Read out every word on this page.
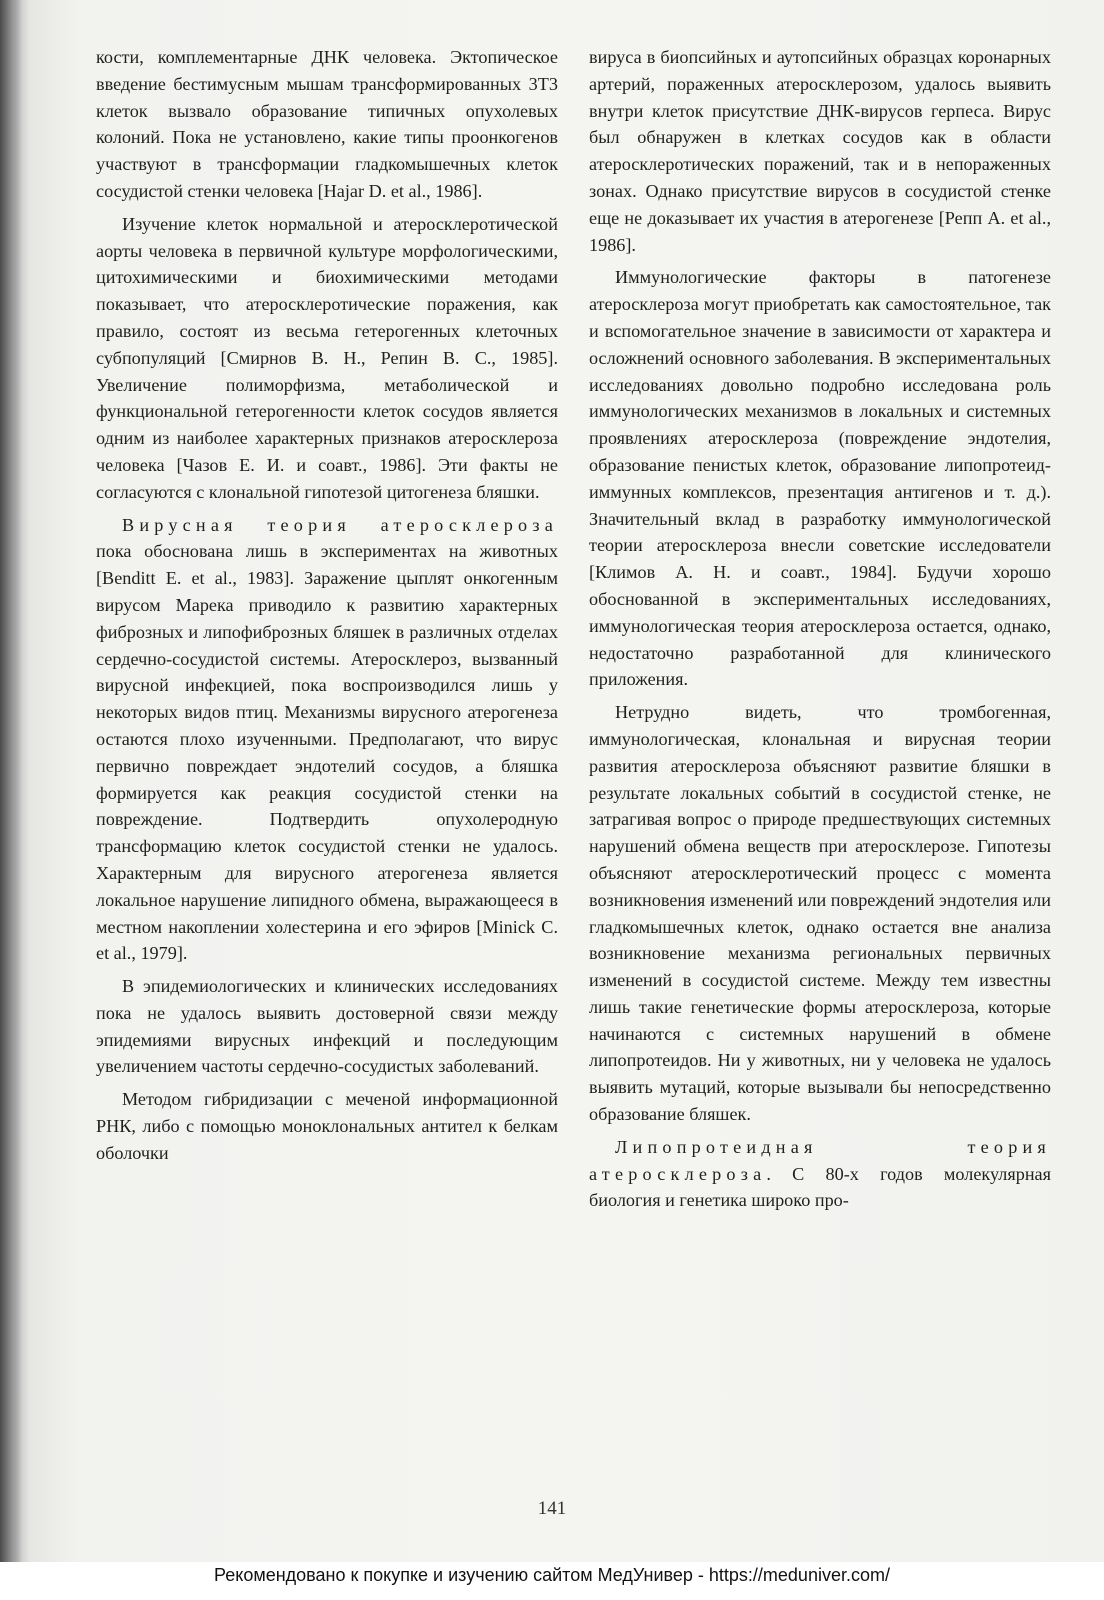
кости, комплементарные ДНК человека. Эктопическое введение бестимусным мышам трансформированных 3Т3 клеток вызвало образование типичных опухолевых колоний. Пока не установлено, какие типы проонкогенов участвуют в трансформации гладкомышечных клеток сосудистой стенки человека [Hajar D. et al., 1986].

Изучение клеток нормальной и атеросклеротической аорты человека в первичной культуре морфологическими, цитохимическими и биохимическими методами показывает, что атеросклеротические поражения, как правило, состоят из весьма гетерогенных клеточных субпопуляций [Смирнов В. Н., Репин В. С., 1985]. Увеличение полиморфизма, метаболической и функциональной гетерогенности клеток сосудов является одним из наиболее характерных признаков атеросклероза человека [Чазов Е. И. и соавт., 1986]. Эти факты не согласуются с клональной гипотезой цитогенеза бляшки.

Вирусная теория атеросклероза пока обоснована лишь в экспериментах на животных [Benditt E. et al., 1983]. Заражение цыплят онкогенным вирусом Марека приводило к развитию характерных фиброзных и липофиброзных бляшек в различных отделах сердечно-сосудистой системы. Атеросклероз, вызванный вирусной инфекцией, пока воспроизводился лишь у некоторых видов птиц. Механизмы вирусного атерогенеза остаются плохо изученными. Предполагают, что вирус первично повреждает эндотелий сосудов, а бляшка формируется как реакция сосудистой стенки на повреждение. Подтвердить опухолеродную трансформацию клеток сосудистой стенки не удалось. Характерным для вирусного атерогенеза является локальное нарушение липидного обмена, выражающееся в местном накоплении холестерина и его эфиров [Minick C. et al., 1979].

В эпидемиологических и клинических исследованиях пока не удалось выявить достоверной связи между эпидемиями вирусных инфекций и последующим увеличением частоты сердечно-сосудистых заболеваний.

Методом гибридизации с меченой информационной РНК, либо с помощью моноклональных антител к белкам оболочки

вируса в биопсийных и аутопсийных образцах коронарных артерий, пораженных атеросклерозом, удалось выявить внутри клеток присутствие ДНК-вирусов герпеса. Вирус был обнаружен в клетках сосудов как в области атеросклеротических поражений, так и в непораженных зонах. Однако присутствие вирусов в сосудистой стенке еще не доказывает их участия в атерогенезе [Репп А. et al., 1986].

Иммунологические факторы в патогенезе атеросклероза могут приобретать как самостоятельное, так и вспомогательное значение в зависимости от характера и осложнений основного заболевания. В экспериментальных исследованиях довольно подробно исследована роль иммунологических механизмов в локальных и системных проявлениях атеросклероза (повреждение эндотелия, образование пенистых клеток, образование липопротеид-иммунных комплексов, презентация антигенов и т. д.). Значительный вклад в разработку иммунологической теории атеросклероза внесли советские исследователи [Климов А. Н. и соавт., 1984]. Будучи хорошо обоснованной в экспериментальных исследованиях, иммунологическая теория атеросклероза остается, однако, недостаточно разработанной для клинического приложения.

Нетрудно видеть, что тромбогенная, иммунологическая, клональная и вирусная теории развития атеросклероза объясняют развитие бляшки в результате локальных событий в сосудистой стенке, не затрагивая вопрос о природе предшествующих системных нарушений обмена веществ при атеросклерозе. Гипотезы объясняют атеросклеротический процесс с момента возникновения изменений или повреждений эндотелия или гладкомышечных клеток, однако остается вне анализа возникновение механизма региональных первичных изменений в сосудистой системе. Между тем известны лишь такие генетические формы атеросклероза, которые начинаются с системных нарушений в обмене липопротеидов. Ни у животных, ни у человека не удалось выявить мутаций, которые вызывали бы непосредственно образование бляшек.

Липопротеидная теория атеросклероза. С 80-х годов молекулярная биология и генетика широко про-

141
Рекомендовано к покупке и изучению сайтом МедУнивер - https://meduniver.com/
